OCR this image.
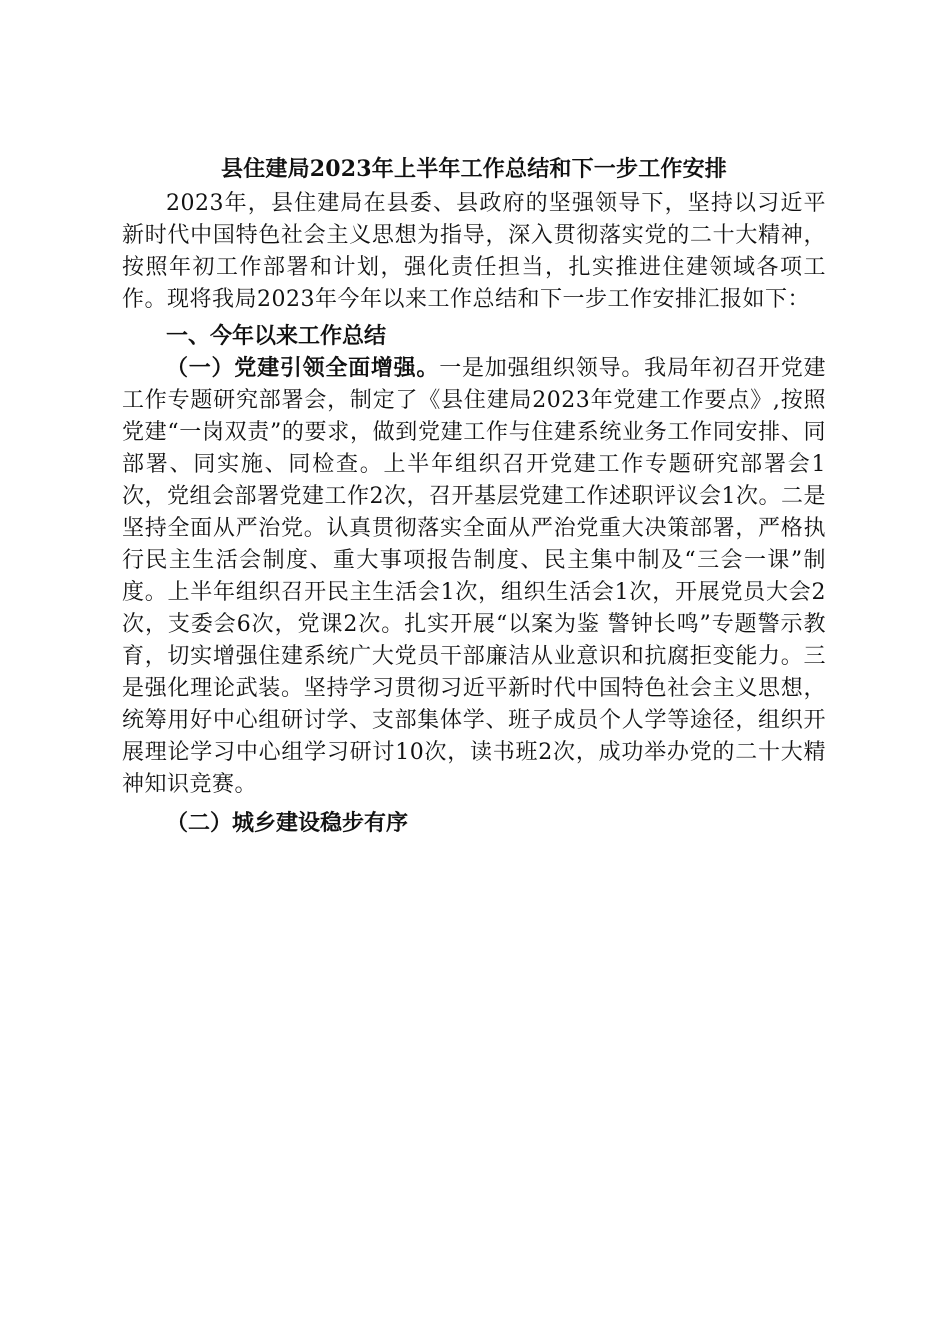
县住建局2023年上半年工作总结和下一步工作安排

2023年，县住建局在县委、县政府的坚强领导下，坚持以习近平新时代中国特色社会主义思想为指导，深入贯彻落实党的二十大精神，按照年初工作部署和计划，强化责任担当，扎实推进住建领域各项工作。现将我局2023年今年以来工作总结和下一步工作安排汇报如下：

一、今年以来工作总结

（一）党建引领全面增强。一是加强组织领导。我局年初召开党建工作专题研究部署会，制定了《县住建局2023年党建工作要点》,按照党建“一岗双责”的要求，做到党建工作与住建系统业务工作同安排、同部署、同实施、同检查。上半年组织召开党建工作专题研究部署会1次，党组会部署党建工作2次，召开基层党建工作述职评议会1次。二是坚持全面从严治党。认真贯彻落实全面从严治党重大决策部署，严格执行民主生活会制度、重大事项报告制度、民主集中制及“三会一课”制度。上半年组织召开民主生活会1次，组织生活会1次，开展党员大会2次，支委会6次，党课2次。扎实开展“以案为鉴 警钟长鸣”专题警示教育，切实增强住建系统广大党员干部廉洁从业意识和抗腐拒变能力。三是强化理论武装。坚持学习贯彻习近平新时代中国特色社会主义思想，统筹用好中心组研讨学、支部集体学、班子成员个人学等途径，组织开展理论学习中心组学习研讨10次，读书班2次，成功举办党的二十大精神知识竞赛。

（二）城乡建设稳步有序
